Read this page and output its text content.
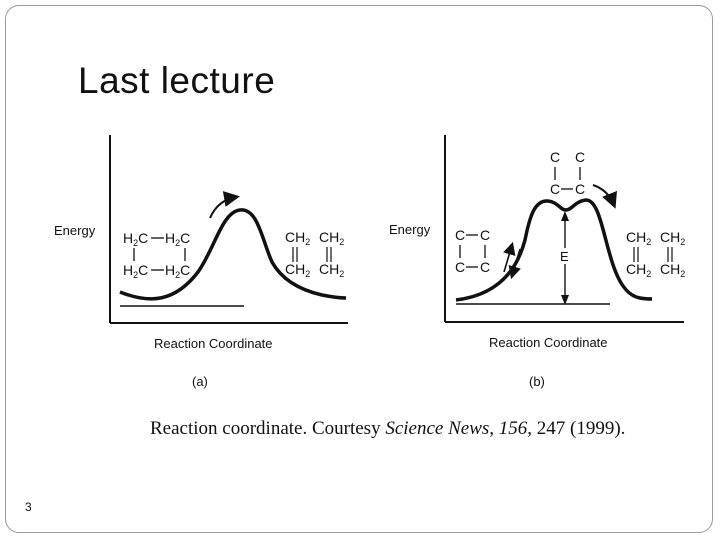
Last lecture
Energy
Reaction Coordinate
(a)
$H_2C$ $H_2C$
$H_2C$ $H_2C$
$CH_2$ $CH_2$
$CH_2$ $CH_2$
Energy
Reaction Coordinate
(b)
E
C C
C C
C C
C C
$CH_2$ $CH_2$
$CH_2$ $CH_2$
Reaction coordinate. Courtesy Science News, 156, 247 (1999).
3
